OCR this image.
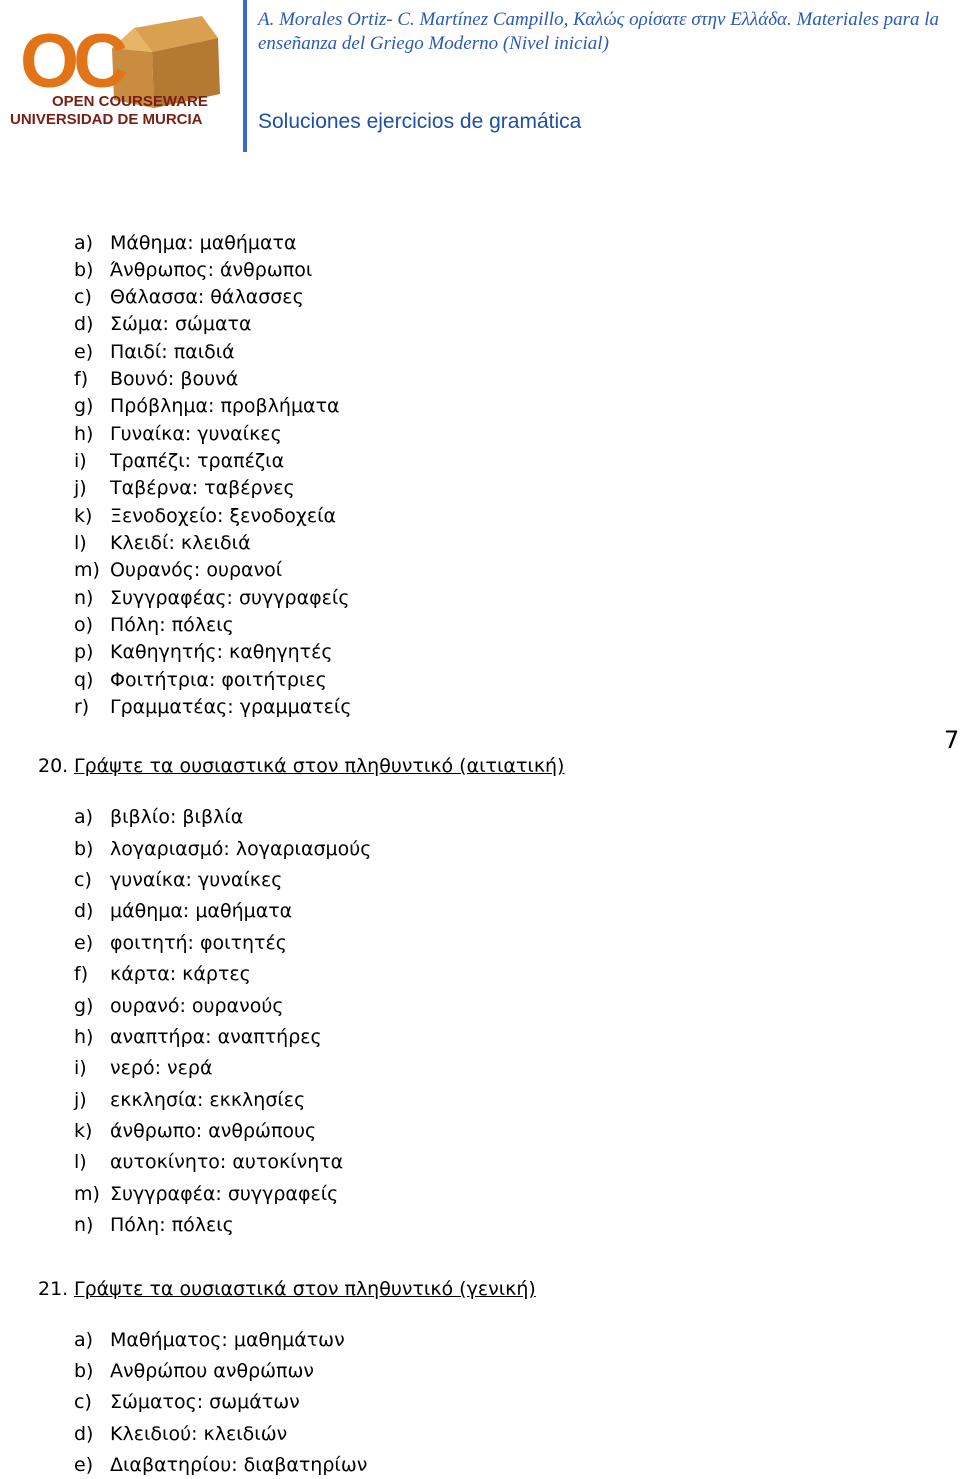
OC
OPEN COURSEWARE
UNIVERSIDAD DE MURCIA
A. Morales Ortiz- C. Martínez Campillo, Καλώς ορίσατε στην Ελλάδα. Materiales para la enseñanza del Griego Moderno (Nivel inicial)
Soluciones ejercicios de gramática
a) Μάθημα: μαθήματα
b) Άνθρωπος: άνθρωποι
c) Θάλασσα: θάλασσες
d) Σώμα: σώματα
e) Παιδί: παιδιά
f) Βουνό: βουνά
g) Πρόβλημα: προβλήματα
h) Γυναίκα: γυναίκες
i) Τραπέζι: τραπέζια
j) Ταβέρνα: ταβέρνες
k) Ξενοδοχείο: ξενοδοχεία
l) Κλειδί: κλειδιά
m) Ουρανός: ουρανοί
n) Συγγραφέας: συγγραφείς
o) Πόλη: πόλεις
p) Καθηγητής: καθηγητές
q) Φοιτήτρια: φοιτήτριες
r) Γραμματέας: γραμματείς
20. Γράψτε τα ουσιαστικά στον πληθυντικό (αιτιατική)
7
a) βιβλίο: βιβλία
b) λογαριασμό: λογαριασμούς
c) γυναίκα: γυναίκες
d) μάθημα: μαθήματα
e) φοιτητή: φοιτητές
f) κάρτα: κάρτες
g) ουρανό: ουρανούς
h) αναπτήρα: αναπτήρες
i) νερό: νερά
j) εκκλησία: εκκλησίες
k) άνθρωπο: ανθρώπους
l) αυτοκίνητο: αυτοκίνητα
m) Συγγραφέα: συγγραφείς
n) Πόλη: πόλεις
21. Γράψτε τα ουσιαστικά στον πληθυντικό (γενική)
a) Μαθήματος: μαθημάτων
b) Ανθρώπου ανθρώπων
c) Σώματος: σωμάτων
d) Κλειδιού: κλειδιών
e) Διαβατηρίου: διαβατηρίων
